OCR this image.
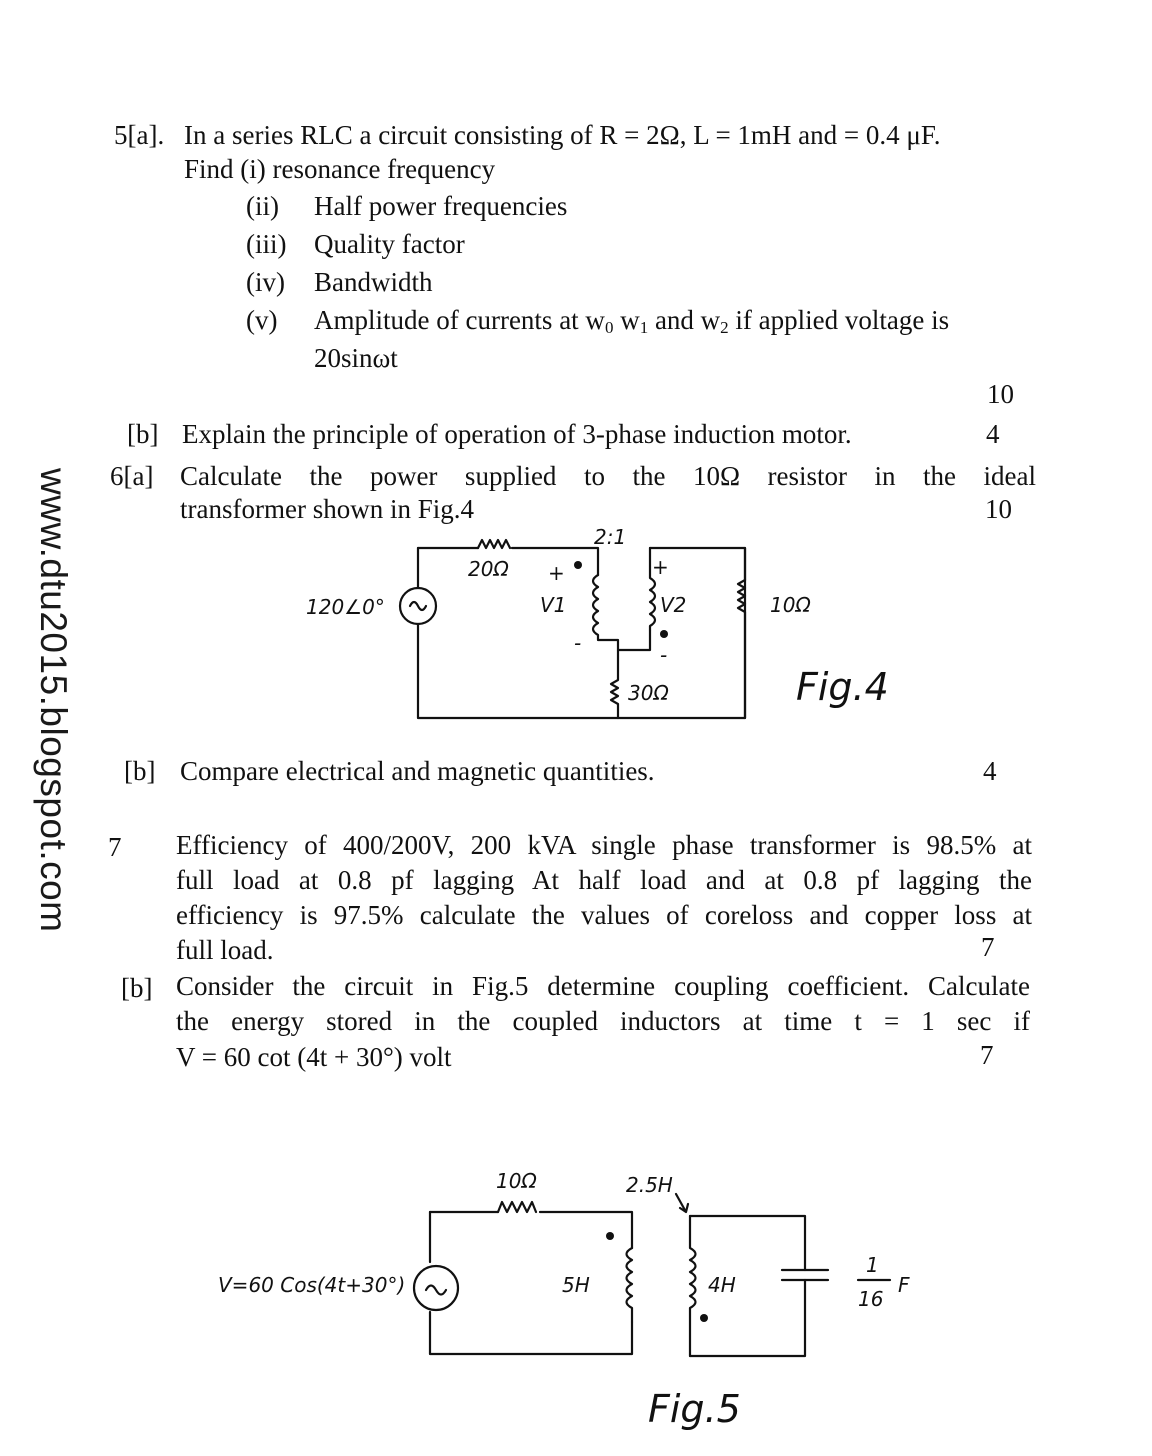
www.dtu2015.blogspot.com
5[a]. In a series RLC a circuit consisting of R = 2Ω, L = 1mH and = 0.4 μF.
Find (i) resonance frequency
(ii) Half power frequencies
(iii) Quality factor
(iv) Bandwidth
(v) Amplitude of currents at $w_0$ $w_1$ and $w_2$ if applied voltage is
20sinωt
10
[b] Explain the principle of operation of 3-phase induction motor.	4
6[a] Calculate the power supplied to the 10Ω resistor in the ideal
transformer shown in Fig.4	10
120∠0°
20Ω
2:1
+
V1
-
+
V2
-
10Ω
30Ω	Fig.4
[b] Compare electrical and magnetic quantities.	4
7 Efficiency of 400/200V, 200 kVA single phase transformer is 98.5% at
full load at 0.8 pf lagging At half load and at 0.8 pf lagging the
efficiency is 97.5% calculate the values of coreloss and copper loss at
full load.	7
[b] Consider the circuit in Fig.5 determine coupling coefficient. Calculate
the energy stored in the coupled inductors at time t = 1 sec if
V = 60 cot (4t + 30°) volt	7
V=60 Cos(4t+30°)
10Ω	2.5H
5H	4H
1
16
F
Fig.5
